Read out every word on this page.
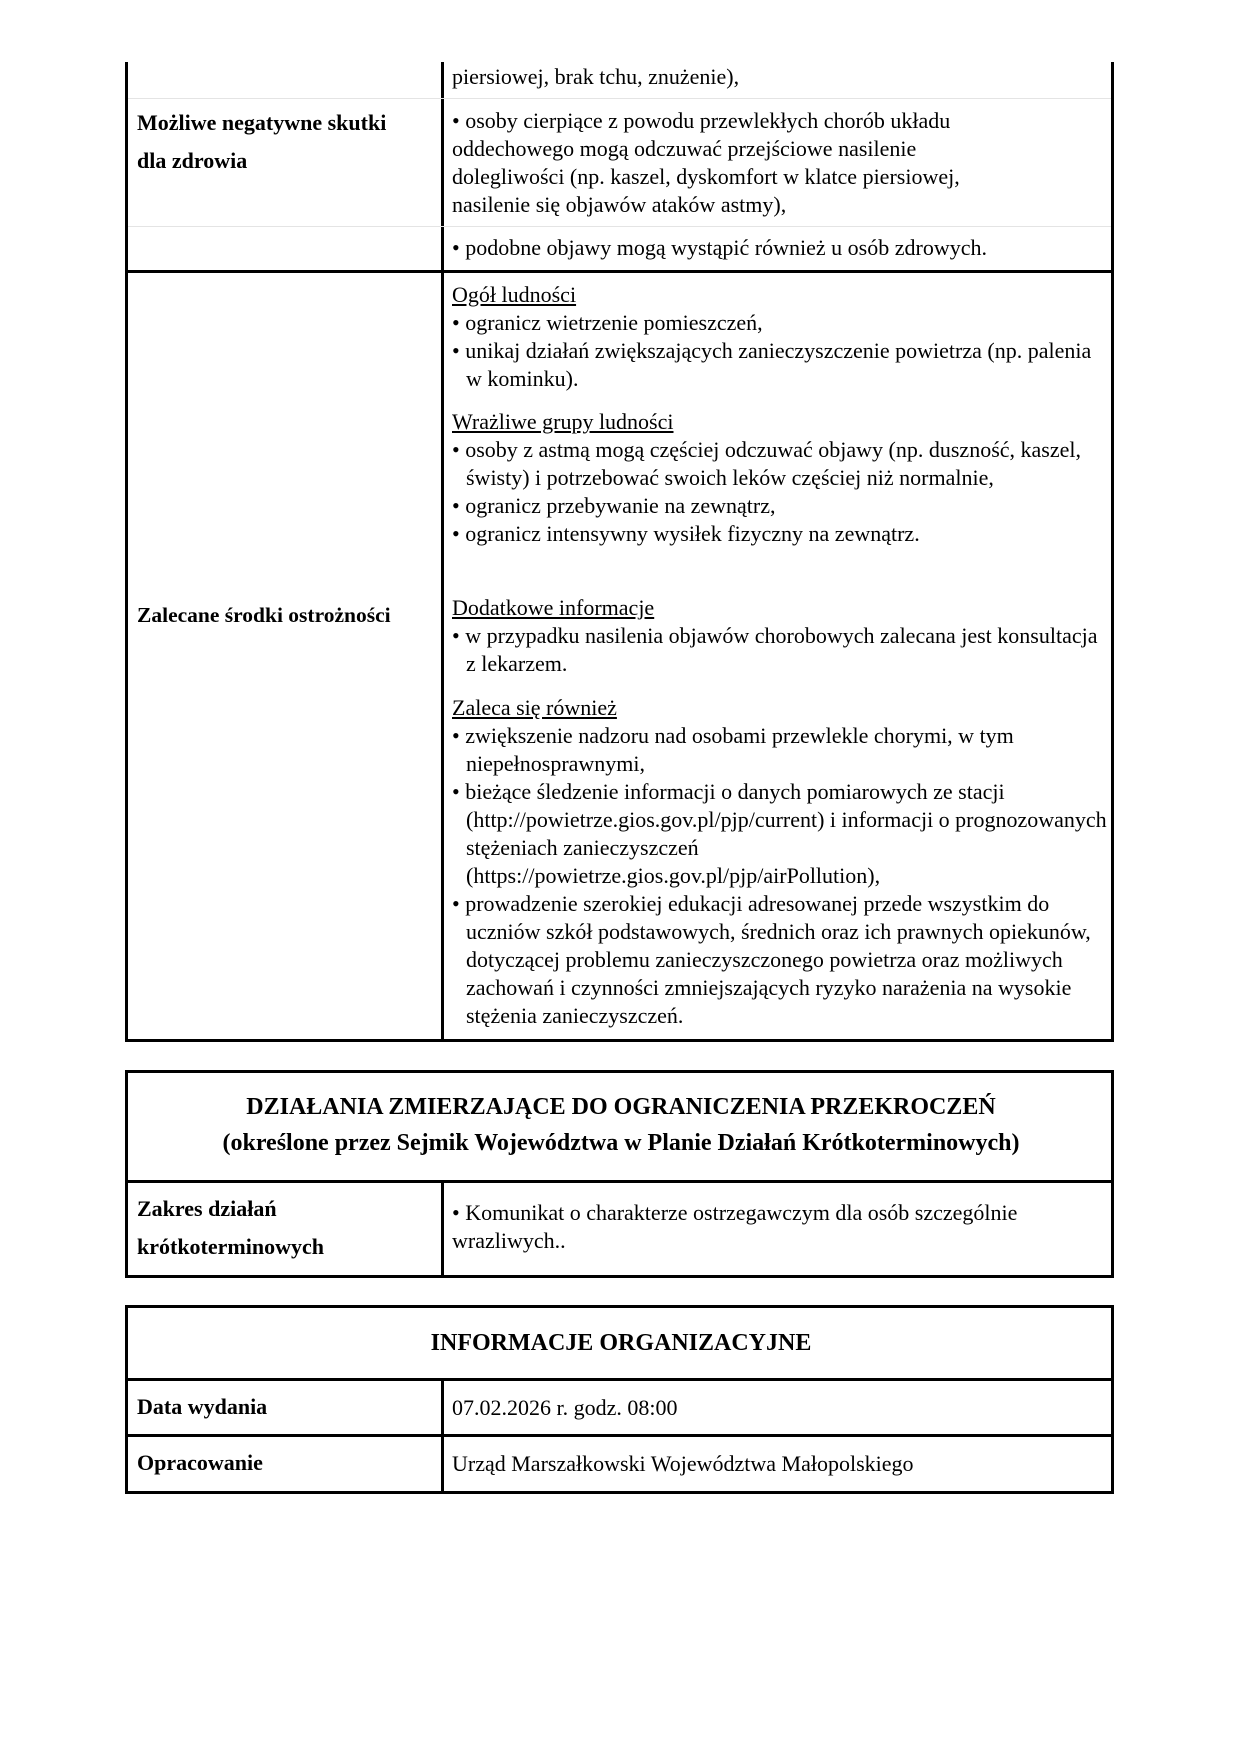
Możliwe negatywne skutki
dla zdrowia

piersiowej, brak tchu, znużenie),

• osoby cierpiące z powodu przewlekłych chorób układu

oddechowego mogą odczuwać przejściowe nasilenie

dolegliwości (np. kaszel, dyskomfort w klatce piersiowej,

nasilenie się objawów ataków astmy),

• podobne objawy mogą wystąpić również u osób zdrowych.

Zalecane środki ostrożności

Ogół ludności

• ogranicz wietrzenie pomieszczeń,

• unikaj działań zwiększających zanieczyszczenie powietrza (np. palenia w kominku).

Wrażliwe grupy ludności

• osoby z astmą mogą częściej odczuwać objawy (np. duszność, kaszel, świsty) i potrzebować swoich leków częściej niż normalnie,

• ogranicz przebywanie na zewnątrz,

• ogranicz intensywny wysiłek fizyczny na zewnątrz.

Dodatkowe informacje

• w przypadku nasilenia objawów chorobowych zalecana jest konsultacja z lekarzem.

Zaleca się również

• zwiększenie nadzoru nad osobami przewlekle chorymi, w tym niepełnosprawnymi,

• bieżące śledzenie informacji o danych pomiarowych ze stacji (http://powietrze.gios.gov.pl/pjp/current) i informacji o prognozowanych stężeniach zanieczyszczeń (https://powietrze.gios.gov.pl/pjp/airPollution),

• prowadzenie szerokiej edukacji adresowanej przede wszystkim do uczniów szkół podstawowych, średnich oraz ich prawnych opiekunów, dotyczącej problemu zanieczyszczonego powietrza oraz możliwych zachowań i czynności zmniejszających ryzyko narażenia na wysokie stężenia zanieczyszczeń.

DZIAŁANIA ZMIERZAJĄCE DO OGRANICZENIA PRZEKROCZEŃ
(określone przez Sejmik Województwa w Planie Działań Krótkoterminowych)
Zakres działań
krótkoterminowych

• Komunikat o charakterze ostrzegawczym dla osób szczególnie wrazliwych..

INFORMACJE ORGANIZACYJNE
Data wydania	07.02.2026 r. godz. 08:00
Opracowanie	Urząd Marszałkowski Województwa Małopolskiego
